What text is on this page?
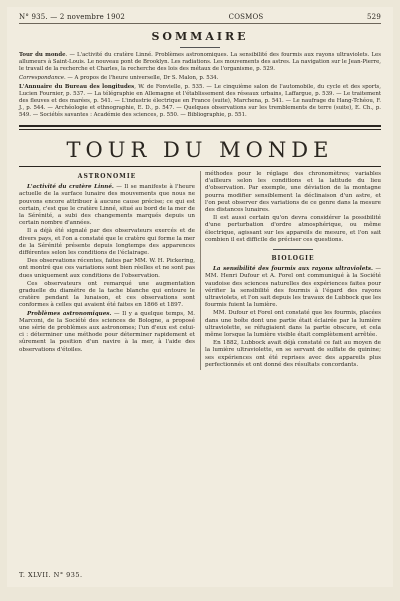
N° 935. — 2 novembre 1902	COSMOS	529
SOMMAIRE

Tour du monde. — L'activité du cratère Linné. Problèmes astronomiques. La sensibilité des fourmis aux rayons ultraviolets. Les allumeurs à Saint-Louis. Le nouveau pont de Brooklyn. Les radiations. Les mouvements des astres. La navigation sur le Jean-Pierre, le travail de la recherche et Charles, la recherche des lois des métaux de l'organisme, p. 529.

Correspondance. — A propos de l'heure universelle, Dr S. Malon, p. 534.

L'Annuaire du Bureau des longitudes, W. de Fonvielle, p. 535. — Le cinquième salon de l'automobile, du cycle et des sports, Lucien Fournier, p. 537. — La télégraphie en Allemagne et l'établissement des réseaux urbains, Laffargue, p. 539. — Le traitement des fleuves et des marées, p. 541. — L'industrie électrique en France (suite), Marchena, p. 541. — Le naufrage du Hang-Tchéou, F. J., p. 544. — Archéologie et ethnographie, E. D., p. 547. — Quelques observations sur les tremblements de terre (suite), E. Ch., p. 549. — Sociétés savantes : Académie des sciences, p. 550. — Bibliographie, p. 551.

TOUR DU MONDE
ASTRONOMIE

L'activité du cratère Linné. — Il se manifeste à l'heure actuelle de la surface lunaire des mouvements que nous ne pouvons encore attribuer à aucune cause précise; ce qui est certain, c'est que le cratère Linné, situé au bord de la mer de la Sérénité, a subi des changements marqués depuis un certain nombre d'années.

Il a déjà été signalé par des observateurs exercés et de divers pays, et l'on a constaté que le cratère qui forme la mer de la Sérénité présente depuis longtemps des apparences différentes selon les conditions de l'éclairage.

Des observations récentes, faites par MM. W. H. Pickering, ont montré que ces variations sont bien réelles et ne sont pas dues uniquement aux conditions de l'observation.

Ces observateurs ont remarqué une augmentation graduelle du diamètre de la tache blanche qui entoure le cratère pendant la lunaison, et ces observations sont conformes à celles qui avaient été faites en 1866 et 1897.

Problèmes astronomiques. — Il y a quelque temps, M. Marconi, de la Société des sciences de Bologne, a proposé une série de problèmes aux astronomes; l'un d'eux est celui-ci : déterminer une méthode pour déterminer rapidement et sûrement la position d'un navire à la mer, à l'aide des observations d'étoiles.

méthodes pour le réglage des chronomètres; variables d'ailleurs selon les conditions et la latitude du lieu d'observation. Par exemple, une déviation de la montagne pourra modifier sensiblement la déclinaison d'un astre, et l'on peut observer des variations de ce genre dans la mesure des distances lunaires.

Il est aussi certain qu'on devra considérer la possibilité d'une perturbation d'ordre atmosphérique, ou même électrique, agissant sur les appareils de mesure, et l'on sait combien il est difficile de préciser ces questions.

BIOLOGIE

La sensibilité des fourmis aux rayons ultraviolets. — MM. Henri Dufour et A. Forel ont communiqué à la Société vaudoise des sciences naturelles des expériences faites pour vérifier la sensibilité des fourmis à l'égard des rayons ultraviolets, et l'on sait depuis les travaux de Lubbock que les fourmis fuient la lumière.

MM. Dufour et Forel ont constaté que les fourmis, placées dans une boîte dont une partie était éclairée par la lumière ultraviolette, se réfugiaient dans la partie obscure, et cela même lorsque la lumière visible était complètement arrêtée.

En 1882, Lubbock avait déjà constaté ce fait au moyen de la lumière ultraviolette, en se servant de sulfate de quinine; ses expériences ont été reprises avec des appareils plus perfectionnés et ont donné des résultats concordants.

T. XLVII. N° 935.
